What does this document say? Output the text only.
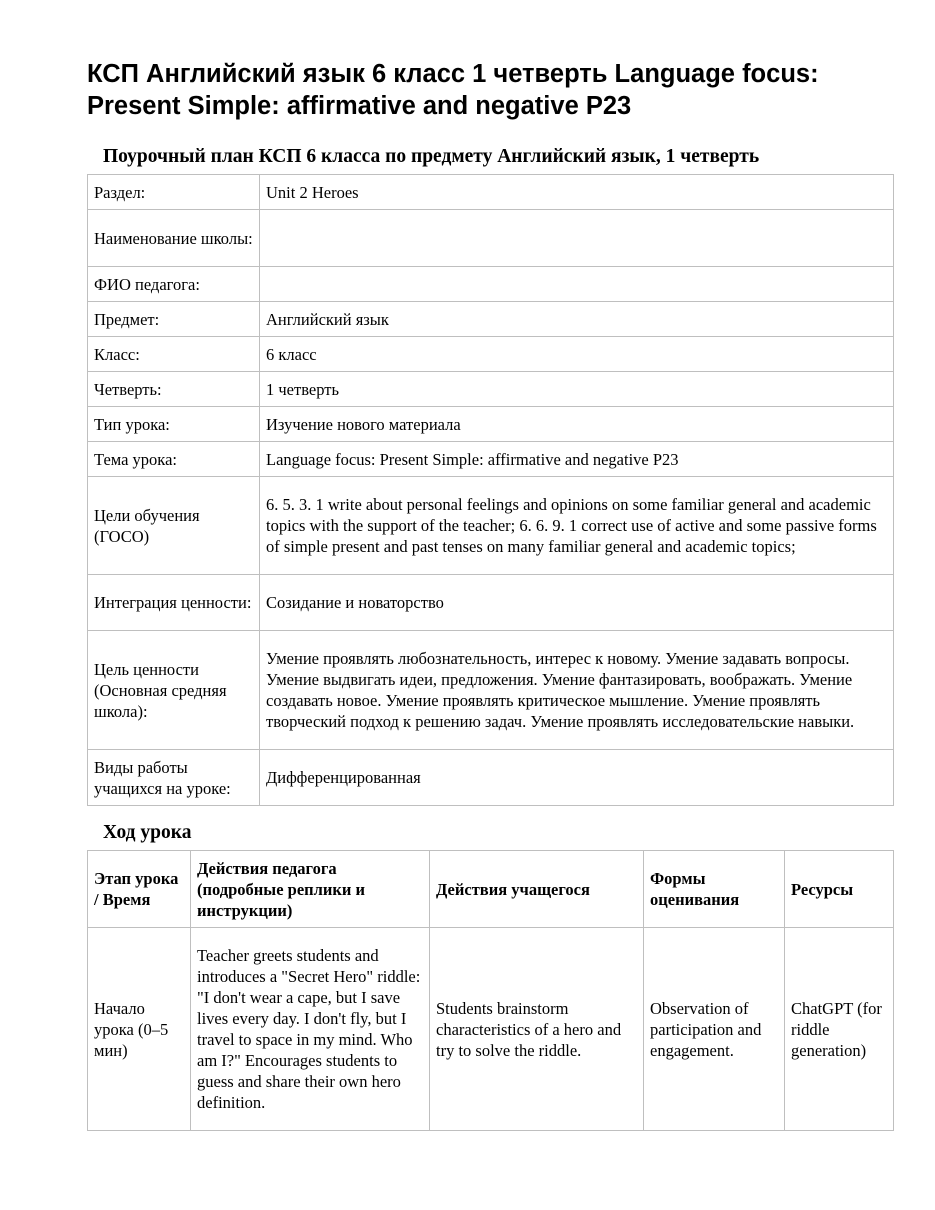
КСП Английский язык 6 класс 1 четверть Language focus: Present Simple: affirmative and negative P23
Поурочный план КСП 6 класса по предмету Английский язык, 1 четверть
Раздел:	Unit 2 Heroes
Наименование школы:	
ФИО педагога:	
Предмет:	Английский язык
Класс:	6 класс
Четверть:	1 четверть
Тип урока:	Изучение нового материала
Тема урока:	Language focus: Present Simple: affirmative and negative P23
Цели обучения (ГОСО)	6. 5. 3. 1 write about personal feelings and opinions on some familiar general and academic topics with the support of the teacher; 6. 6. 9. 1 correct use of active and some passive forms of simple present and past tenses on many familiar general and academic topics;
Интеграция ценности:	Созидание и новаторство
Цель ценности (Основная средняя школа):	Умение проявлять любознательность, интерес к новому. Умение задавать вопросы. Умение выдвигать идеи, предложения. Умение фантазировать, воображать. Умение создавать новое. Умение проявлять критическое мышление. Умение проявлять творческий подход к решению задач. Умение проявлять исследовательские навыки.
Виды работы учащихся на уроке:	Дифференцированная
Ход урока
Этап урока / Время	Действия педагога (подробные реплики и инструкции)	Действия учащегося	Формы оценивания	Ресурсы
Начало урока (0–5 мин)	Teacher greets students and introduces a "Secret Hero" riddle: "I don't wear a cape, but I save lives every day. I don't fly, but I travel to space in my mind. Who am I?" Encourages students to guess and share their own hero definition.	Students brainstorm characteristics of a hero and try to solve the riddle.	Observation of participation and engagement.	ChatGPT (for riddle generation)
